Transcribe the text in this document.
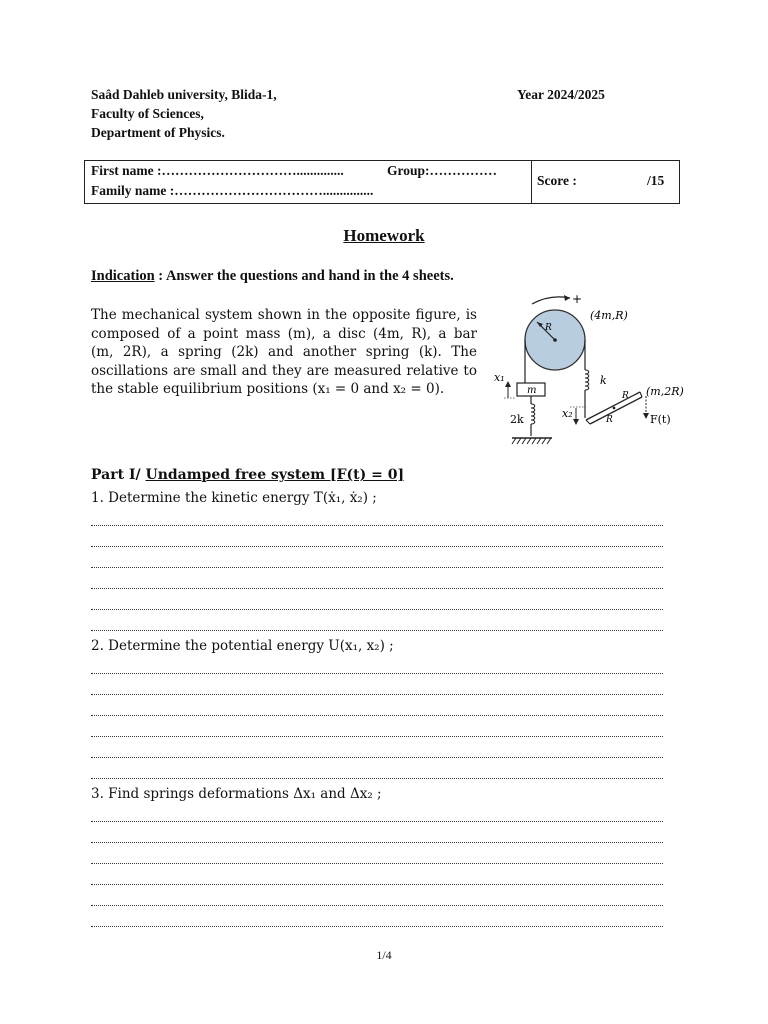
Saâd Dahleb university, Blida-1,
Faculty of Sciences,
Department of Physics.
Year 2024/2025
First name :…………………………..............	Group:……………
Family name :……………………………...............
Score :	/15
Homework
Indication : Answer the questions and hand in the 4 sheets.
The mechanical system shown in the opposite figure, is
composed of a point mass (m), a disc (4m, R), a bar
(m, 2R), a spring (2k) and another spring (k). The
oscillations are small and they are measured relative to
the stable equilibrium positions (x₁ = 0 and x₂ = 0).
+
R
(4m,R)
m
x₁
2k
k
R
R (m,2R)
x₂	F(t)
Part I/ Undamped free system [F(t) = 0]
1. Determine the kinetic energy T(ẋ₁, ẋ₂) ;
2. Determine the potential energy U(x₁, x₂) ;
3. Find springs deformations Δx₁ and Δx₂ ;
1/4
